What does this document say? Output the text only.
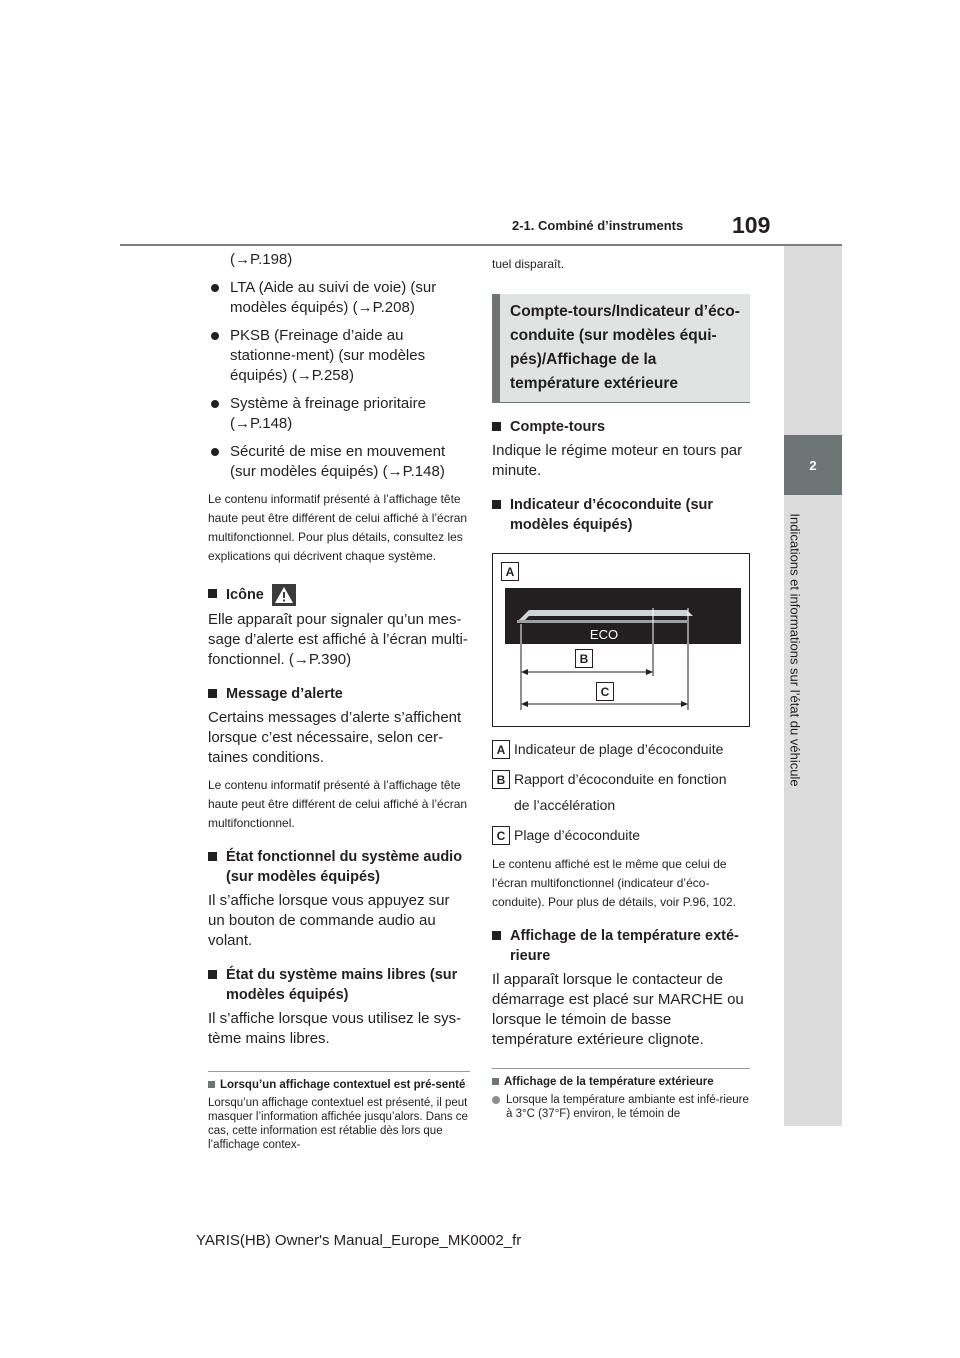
2-1. Combiné d’instruments 109
2
Indications et informations sur l’état du véhicule

(→P.198)

LTA (Aide au suivi de voie) (sur modèles équipés) (→P.208)
PKSB (Freinage d’aide au stationne-ment) (sur modèles équipés) (→P.258)
Système à freinage prioritaire (→P.148)
Sécurité de mise en mouvement (sur modèles équipés) (→P.148)

Le contenu informatif présenté à l’affichage tête haute peut être différent de celui affiché à l’écran multifonctionnel. Pour plus détails, consultez les explications qui décrivent chaque système.

Icône

Elle apparaît pour signaler qu’un mes-sage d’alerte est affiché à l’écran multi-fonctionnel. (→P.390)

Message d’alerte

Certains messages d’alerte s’affichent lorsque c’est nécessaire, selon cer-taines conditions.

Le contenu informatif présenté à l’affichage tête haute peut être différent de celui affiché à l’écran multifonctionnel.

État fonctionnel du système audio (sur modèles équipés)

Il s’affiche lorsque vous appuyez sur un bouton de commande audio au volant.

État du système mains libres (sur modèles équipés)

Il s’affiche lorsque vous utilisez le sys-tème mains libres.

Lorsqu’un affichage contextuel est pré-senté

Lorsqu’un affichage contextuel est présenté, il peut masquer l’information affichée jusqu’alors. Dans ce cas, cette information est rétablie dès lors que l’affichage contex-

tuel disparaît.

Compte-tours/Indicateur d’éco-conduite (sur modèles équi-pés)/Affichage de la température extérieure
Compte-tours

Indique le régime moteur en tours par minute.

Indicateur d’écoconduite (sur modèles équipés)
ECO
A
B
C
A Indicateur de plage d’écoconduite
B Rapport d’écoconduite en fonction

de l’accélération

C Plage d’écoconduite

Le contenu affiché est le même que celui de l’écran multifonctionnel (indicateur d’éco-conduite). Pour plus de détails, voir P.96, 102.

Affichage de la température exté-rieure

Il apparaît lorsque le contacteur de démarrage est placé sur MARCHE ou lorsque le témoin de basse température extérieure clignote.

Affichage de la température extérieure
Lorsque la température ambiante est infé-rieure à 3°C (37°F) environ, le témoin de
YARIS(HB) Owner's Manual_Europe_MK0002_fr
